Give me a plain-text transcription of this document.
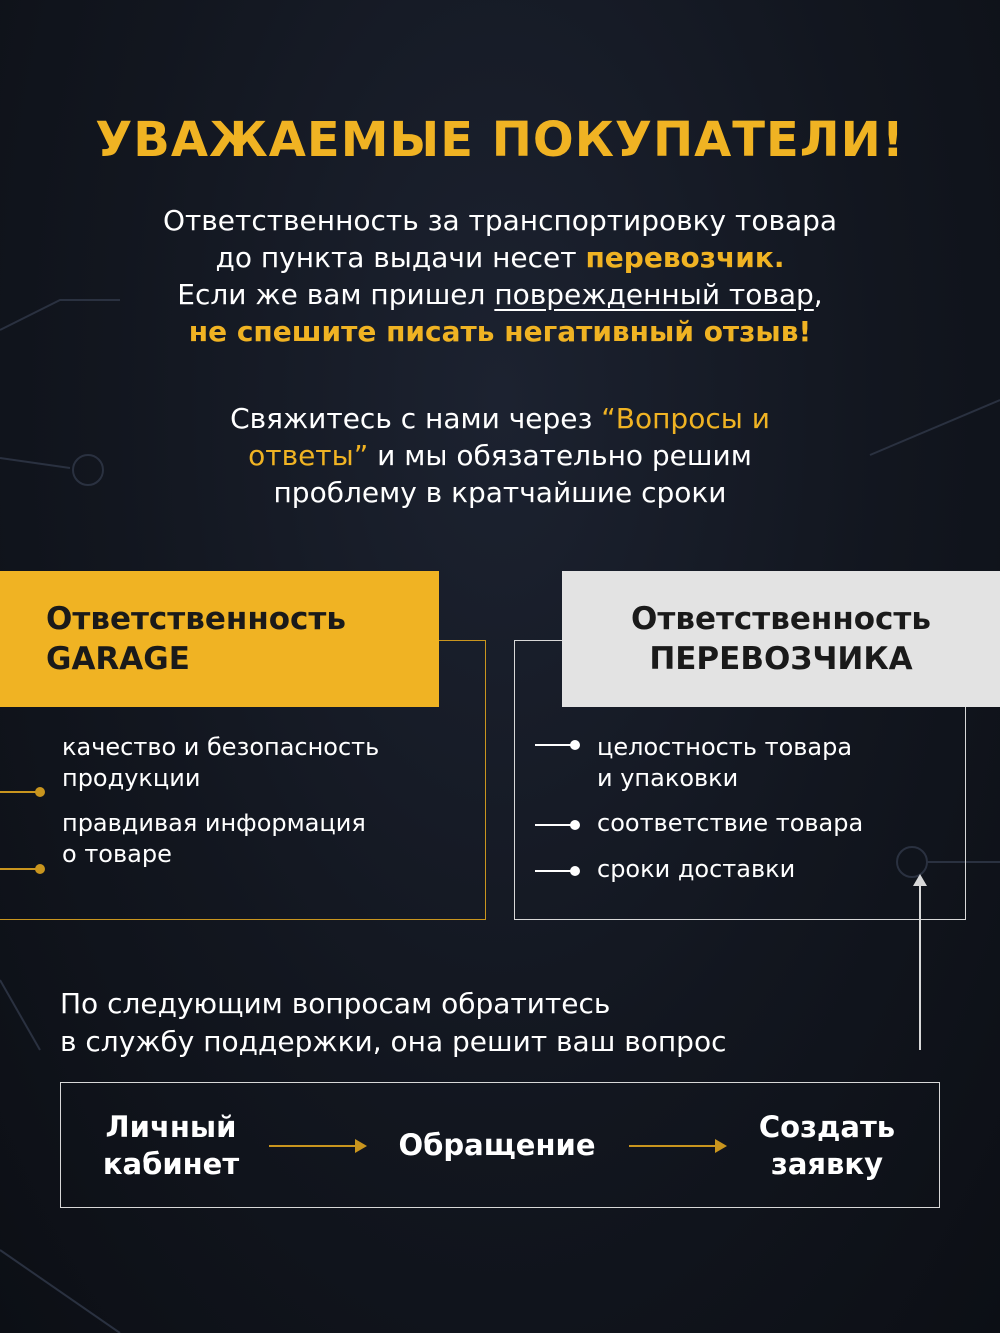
УВАЖАЕМЫЕ ПОКУПАТЕЛИ!
Ответственность за транспортировку товара
до пункта выдачи несет перевозчик.
Если же вам пришел поврежденный товар,
не спешите писать негативный отзыв!
Свяжитесь с нами через “Вопросы и
ответы” и мы обязательно решим
проблему в кратчайшие сроки
Ответственность
GARAGE
Ответственность
ПЕРЕВОЗЧИКА
качество и безопасность
продукции
правдивая информация
о товаре
целостность товара
и упаковки
соответствие товара
сроки доставки
По следующим вопросам обратитесь
в службу поддержки, она решит ваш вопрос
Личный
кабинет
Обращение
Создать
заявку
